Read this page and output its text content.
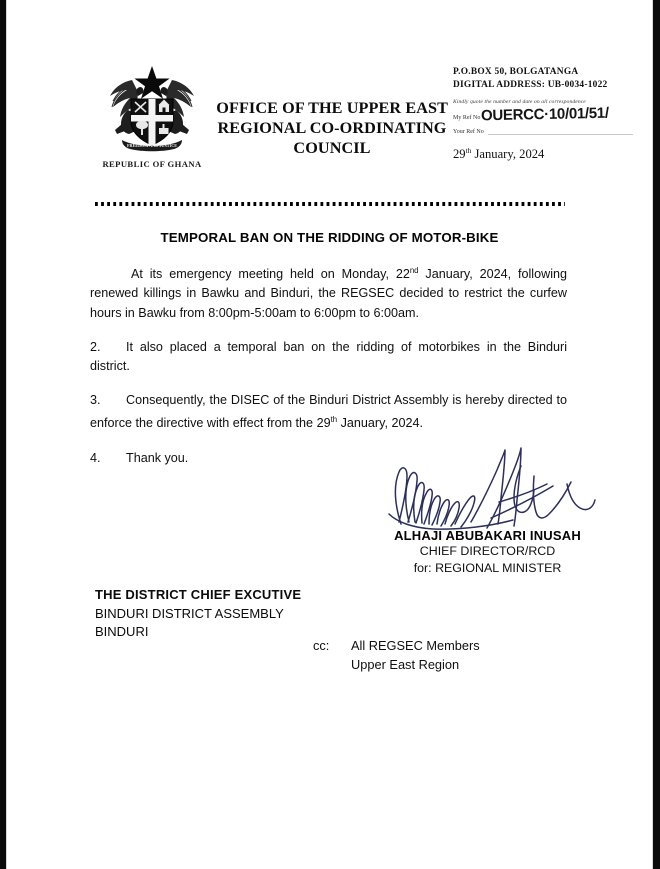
FREEDOM AND JUSTICE
REPUBLIC OF GHANA
OFFICE OF THE UPPER EAST REGIONAL CO-ORDINATING
COUNCIL
P.O.BOX 50, BOLGATANGA
DIGITAL ADDRESS: UB-0034-1022
Kindly quote the number and date on all correspondence
My Ref No OUERCC·10/01/51/
Your Ref No
29th January, 2024
TEMPORAL BAN ON THE RIDDING OF MOTOR-BIKE

At its emergency meeting held on Monday, 22nd January, 2024, following renewed killings in Bawku and Binduri, the REGSEC decided to restrict the curfew hours in Bawku from 8:00pm-5:00am to 6:00pm to 6:00am.

2. It also placed a temporal ban on the ridding of motorbikes in the Binduri district.

3. Consequently, the DISEC of the Binduri District Assembly is hereby directed to enforce the directive with effect from the 29th January, 2024.

4. Thank you.

ALHAJI ABUBAKARI INUSAH
CHIEF DIRECTOR/RCD
for: REGIONAL MINISTER
THE DISTRICT CHIEF EXCUTIVE
BINDURI DISTRICT ASSEMBLY
BINDURI
cc:	All REGSEC Members
Upper East Region
